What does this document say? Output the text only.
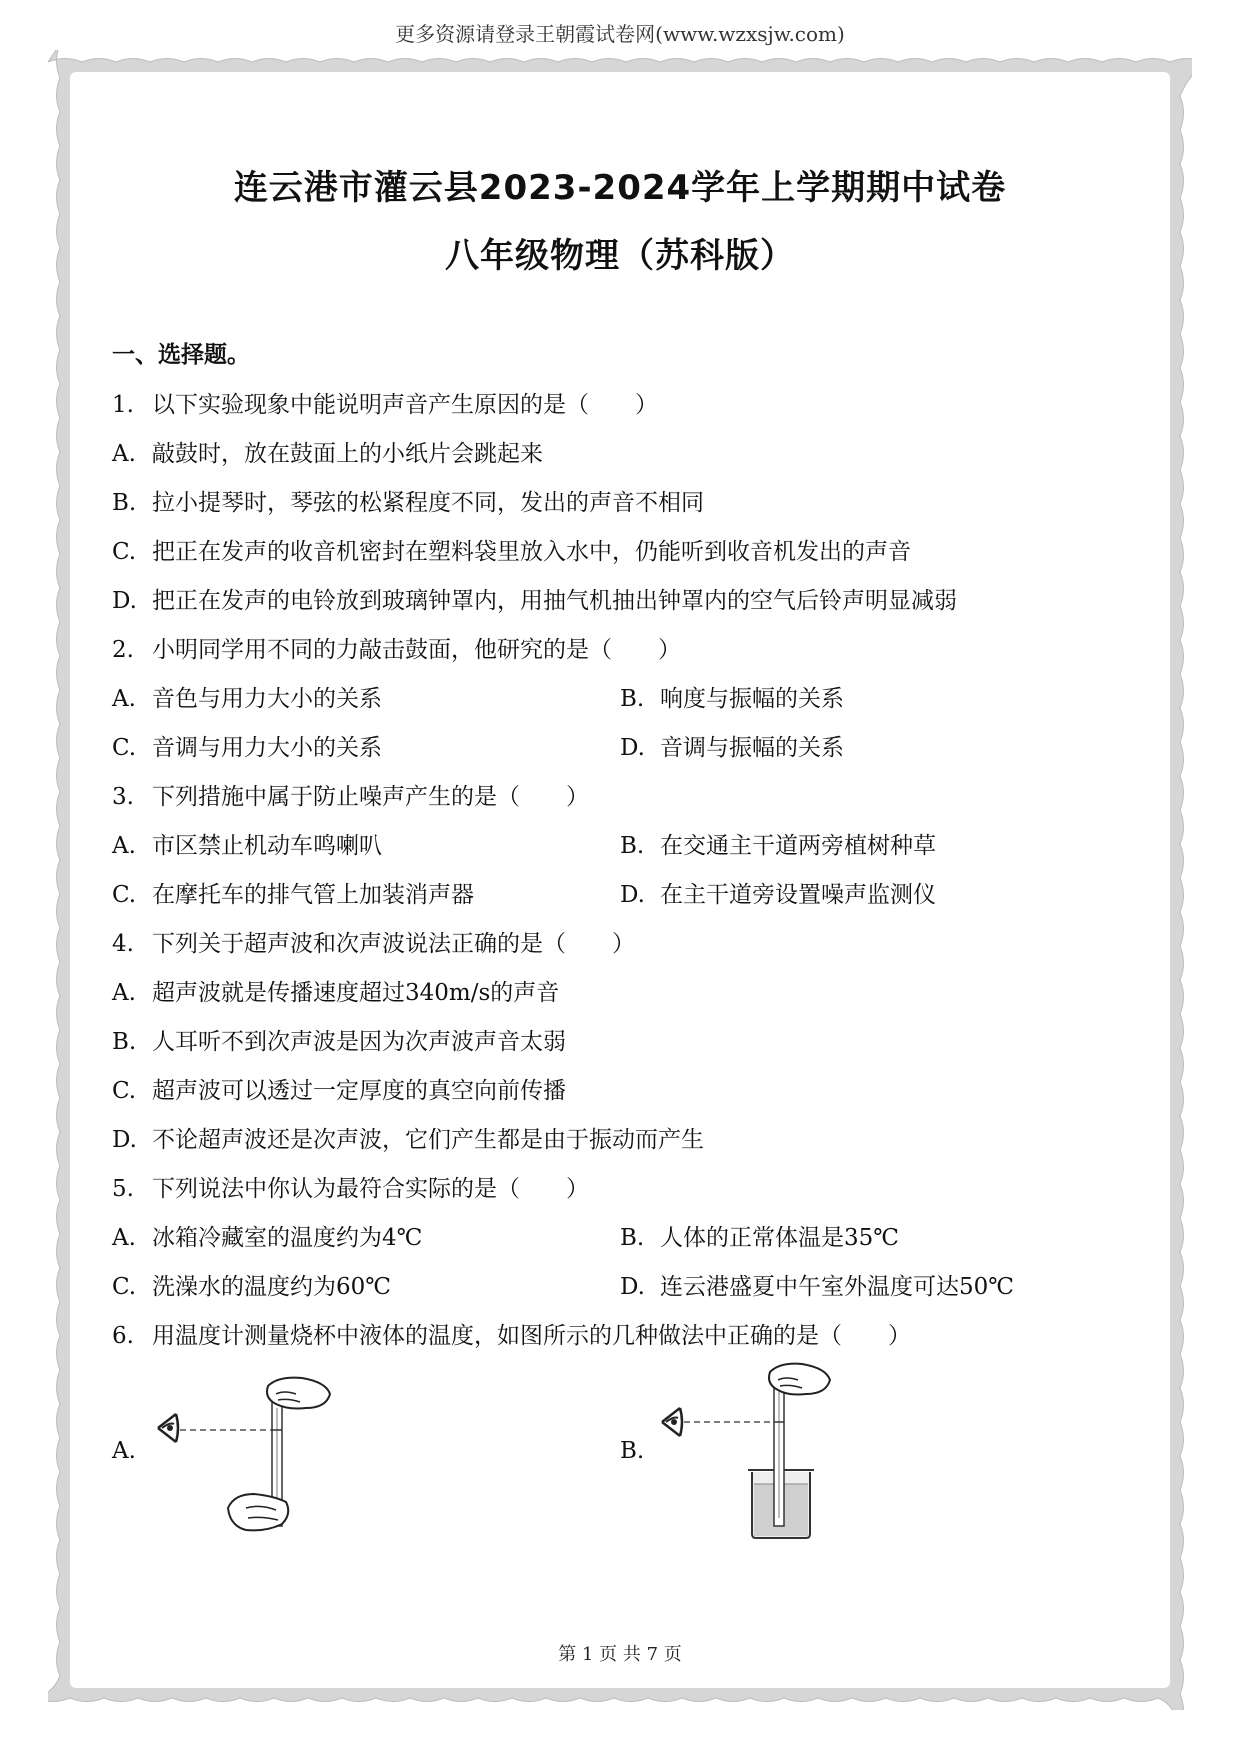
更多资源请登录王朝霞试卷网(www.wzxsjw.com)
连云港市灌云县2023-2024学年上学期期中试卷
八年级物理（苏科版）
一、选择题。
1. 以下实验现象中能说明声音产生原因的是（　　）
A. 敲鼓时，放在鼓面上的小纸片会跳起来
B. 拉小提琴时，琴弦的松紧程度不同，发出的声音不相同
C. 把正在发声的收音机密封在塑料袋里放入水中，仍能听到收音机发出的声音
D. 把正在发声的电铃放到玻璃钟罩内，用抽气机抽出钟罩内的空气后铃声明显减弱
2. 小明同学用不同的力敲击鼓面，他研究的是（　　）
A. 音色与用力大小的关系	B. 响度与振幅的关系
C. 音调与用力大小的关系	D. 音调与振幅的关系
3. 下列措施中属于防止噪声产生的是（　　）
A. 市区禁止机动车鸣喇叭	B. 在交通主干道两旁植树种草
C. 在摩托车的排气管上加装消声器	D. 在主干道旁设置噪声监测仪
4. 下列关于超声波和次声波说法正确的是（　　）
A. 超声波就是传播速度超过340m/s的声音
B. 人耳听不到次声波是因为次声波声音太弱
C. 超声波可以透过一定厚度的真空向前传播
D. 不论超声波还是次声波，它们产生都是由于振动而产生
5. 下列说法中你认为最符合实际的是（　　）
A. 冰箱冷藏室的温度约为4℃	B. 人体的正常体温是35℃
C. 洗澡水的温度约为60℃	D. 连云港盛夏中午室外温度可达50℃
6. 用温度计测量烧杯中液体的温度，如图所示的几种做法中正确的是（　　）
A.	B.
第 1 页 共 7 页
